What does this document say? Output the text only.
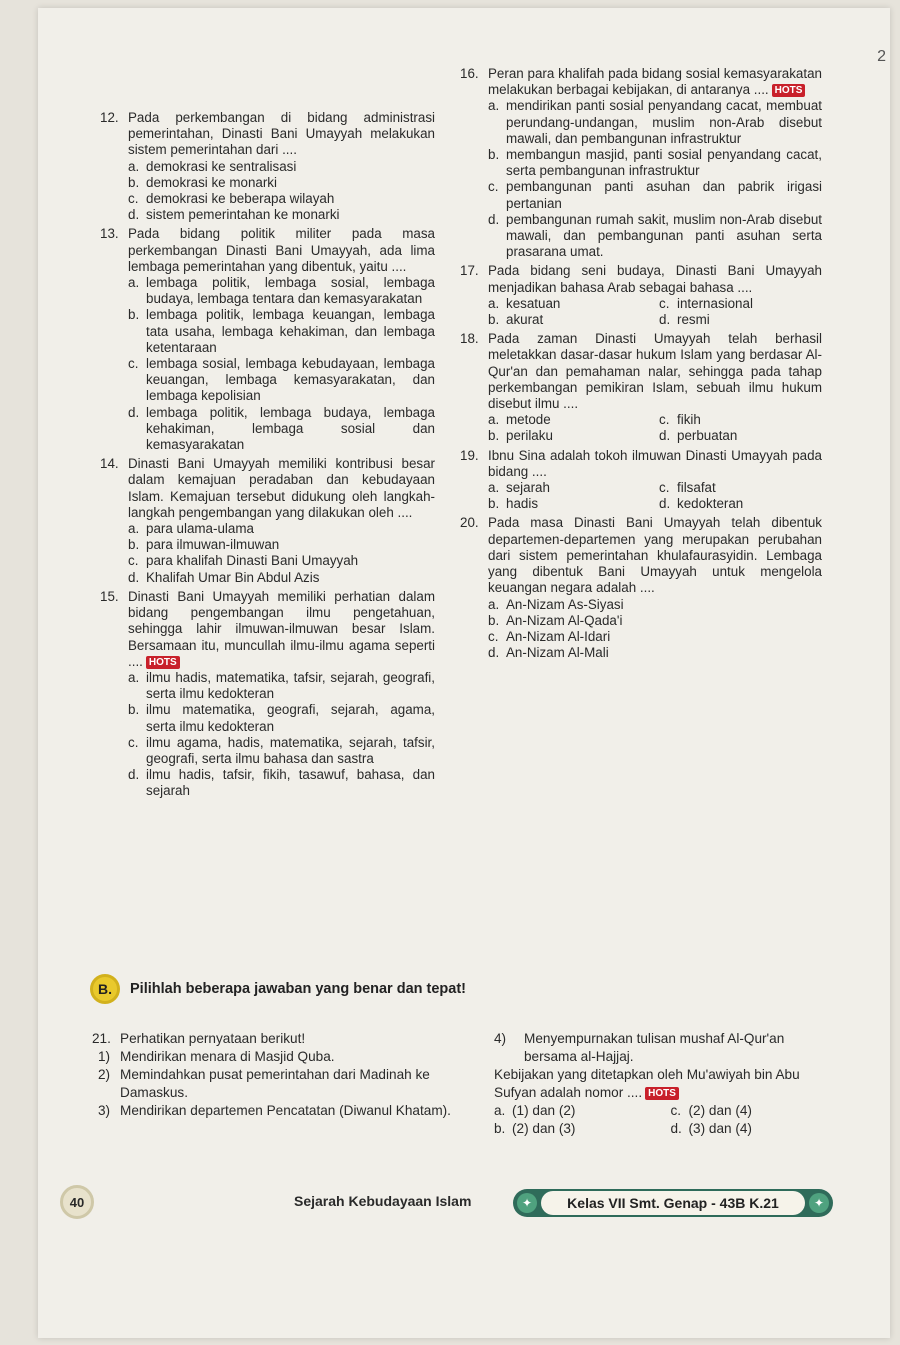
2
12. Pada perkembangan di bidang administrasi pemerintahan, Dinasti Bani Umayyah melakukan sistem pemerintahan dari ....
a. demokrasi ke sentralisasi
b. demokrasi ke monarki
c. demokrasi ke beberapa wilayah
d. sistem pemerintahan ke monarki
13. Pada bidang politik militer pada masa perkembangan Dinasti Bani Umayyah, ada lima lembaga pemerintahan yang dibentuk, yaitu ....
a. lembaga politik, lembaga sosial, lembaga budaya, lembaga tentara dan kemasyarakatan
b. lembaga politik, lembaga keuangan, lembaga tata usaha, lembaga kehakiman, dan lembaga ketentaraan
c. lembaga sosial, lembaga kebudayaan, lembaga keuangan, lembaga kemasyarakatan, dan lembaga kepolisian
d. lembaga politik, lembaga budaya, lembaga kehakiman, lembaga sosial dan kemasyarakatan
14. Dinasti Bani Umayyah memiliki kontribusi besar dalam kemajuan peradaban dan kebudayaan Islam. Kemajuan tersebut didukung oleh langkah-langkah pengembangan yang dilakukan oleh ....
a. para ulama-ulama
b. para ilmuwan-ilmuwan
c. para khalifah Dinasti Bani Umayyah
d. Khalifah Umar Bin Abdul Azis
15. Dinasti Bani Umayyah memiliki perhatian dalam bidang pengembangan ilmu pengetahuan, sehingga lahir ilmuwan-ilmuwan besar Islam. Bersamaan itu, muncullah ilmu-ilmu agama seperti .... HOTS
a. ilmu hadis, matematika, tafsir, sejarah, geografi, serta ilmu kedokteran
b. ilmu matematika, geografi, sejarah, agama, serta ilmu kedokteran
c. ilmu agama, hadis, matematika, sejarah, tafsir, geografi, serta ilmu bahasa dan sastra
d. ilmu hadis, tafsir, fikih, tasawuf, bahasa, dan sejarah
16. Peran para khalifah pada bidang sosial kemasyarakatan melakukan berbagai kebijakan, di antaranya .... HOTS
a. mendirikan panti sosial penyandang cacat, membuat perundang-undangan, muslim non-Arab disebut mawali, dan pembangunan infrastruktur
b. membangun masjid, panti sosial penyandang cacat, serta pembangunan infrastruktur
c. pembangunan panti asuhan dan pabrik irigasi pertanian
d. pembangunan rumah sakit, muslim non-Arab disebut mawali, dan pembangunan panti asuhan serta prasarana umat.
17. Pada bidang seni budaya, Dinasti Bani Umayyah menjadikan bahasa Arab sebagai bahasa ....
a. kesatuan	c. internasional
b. akurat	d. resmi
18. Pada zaman Dinasti Umayyah telah berhasil meletakkan dasar-dasar hukum Islam yang berdasar Al-Qur'an dan pemahaman nalar, sehingga pada tahap perkembangan pemikiran Islam, sebuah ilmu hukum disebut ilmu ....
a. metode	c. fikih
b. perilaku	d. perbuatan
19. Ibnu Sina adalah tokoh ilmuwan Dinasti Umayyah pada bidang ....
a. sejarah	c. filsafat
b. hadis	d. kedokteran
20. Pada masa Dinasti Bani Umayyah telah dibentuk departemen-departemen yang merupakan perubahan dari sistem pemerintahan khulafaurasyidin. Lembaga yang dibentuk Bani Umayyah untuk mengelola keuangan negara adalah ....
a. An-Nizam As-Siyasi
b. An-Nizam Al-Qada'i
c. An-Nizam Al-Idari
d. An-Nizam Al-Mali
B.	Pilihlah beberapa jawaban yang benar dan tepat!
21. Perhatikan pernyataan berikut!
1) Mendirikan menara di Masjid Quba.
2) Memindahkan pusat pemerintahan dari Madinah ke Damaskus.
3) Mendirikan departemen Pencatatan (Diwanul Khatam).
4) Menyempurnakan tulisan mushaf Al-Qur'an bersama al-Hajjaj.
Kebijakan yang ditetapkan oleh Mu'awiyah bin Abu Sufyan adalah nomor .... HOTS
a. (1) dan (2)	c. (2) dan (4)
b. (2) dan (3)	d. (3) dan (4)
40	Sejarah Kebudayaan Islam	✦	Kelas VII Smt. Genap - 43B K.21	✦
